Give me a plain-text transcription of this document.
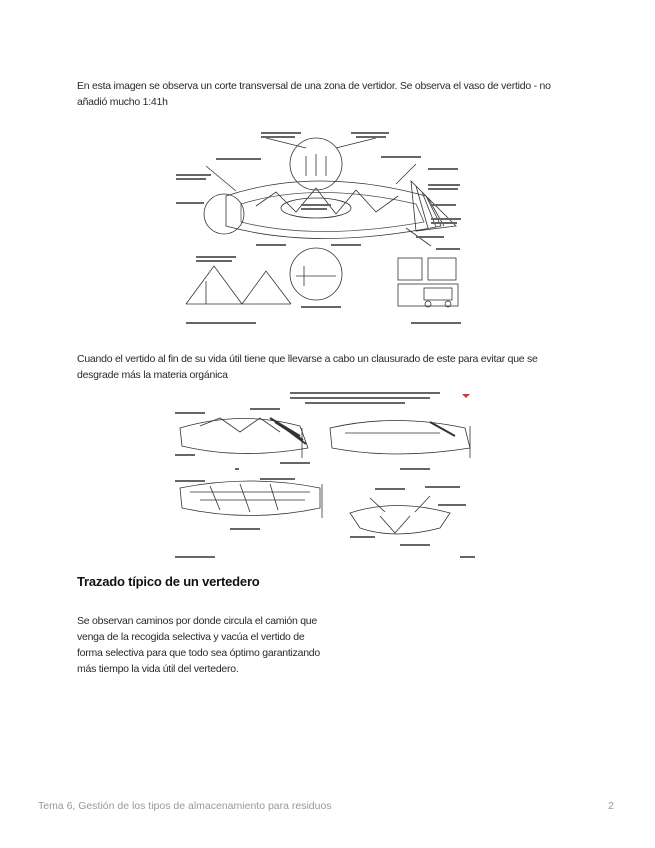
En esta imagen se observa un corte transversal de una zona de vertidor. Se observa el vaso de vertido - no añadió mucho 1:41h

Cuando el vertido al fin de su vida útil tiene que llevarse a cabo un clausurado de este para evitar que se desgrade más la materia orgánica

Trazado típico de un vertedero

Se observan caminos por donde circula el camión que venga de la recogida selectiva y vacúa el vertido de forma selectiva para que todo sea óptimo garantizando más tiempo la vida útil del vertedero.

Tema 6, Gestión de los tipos de almacenamiento para residuos	2
